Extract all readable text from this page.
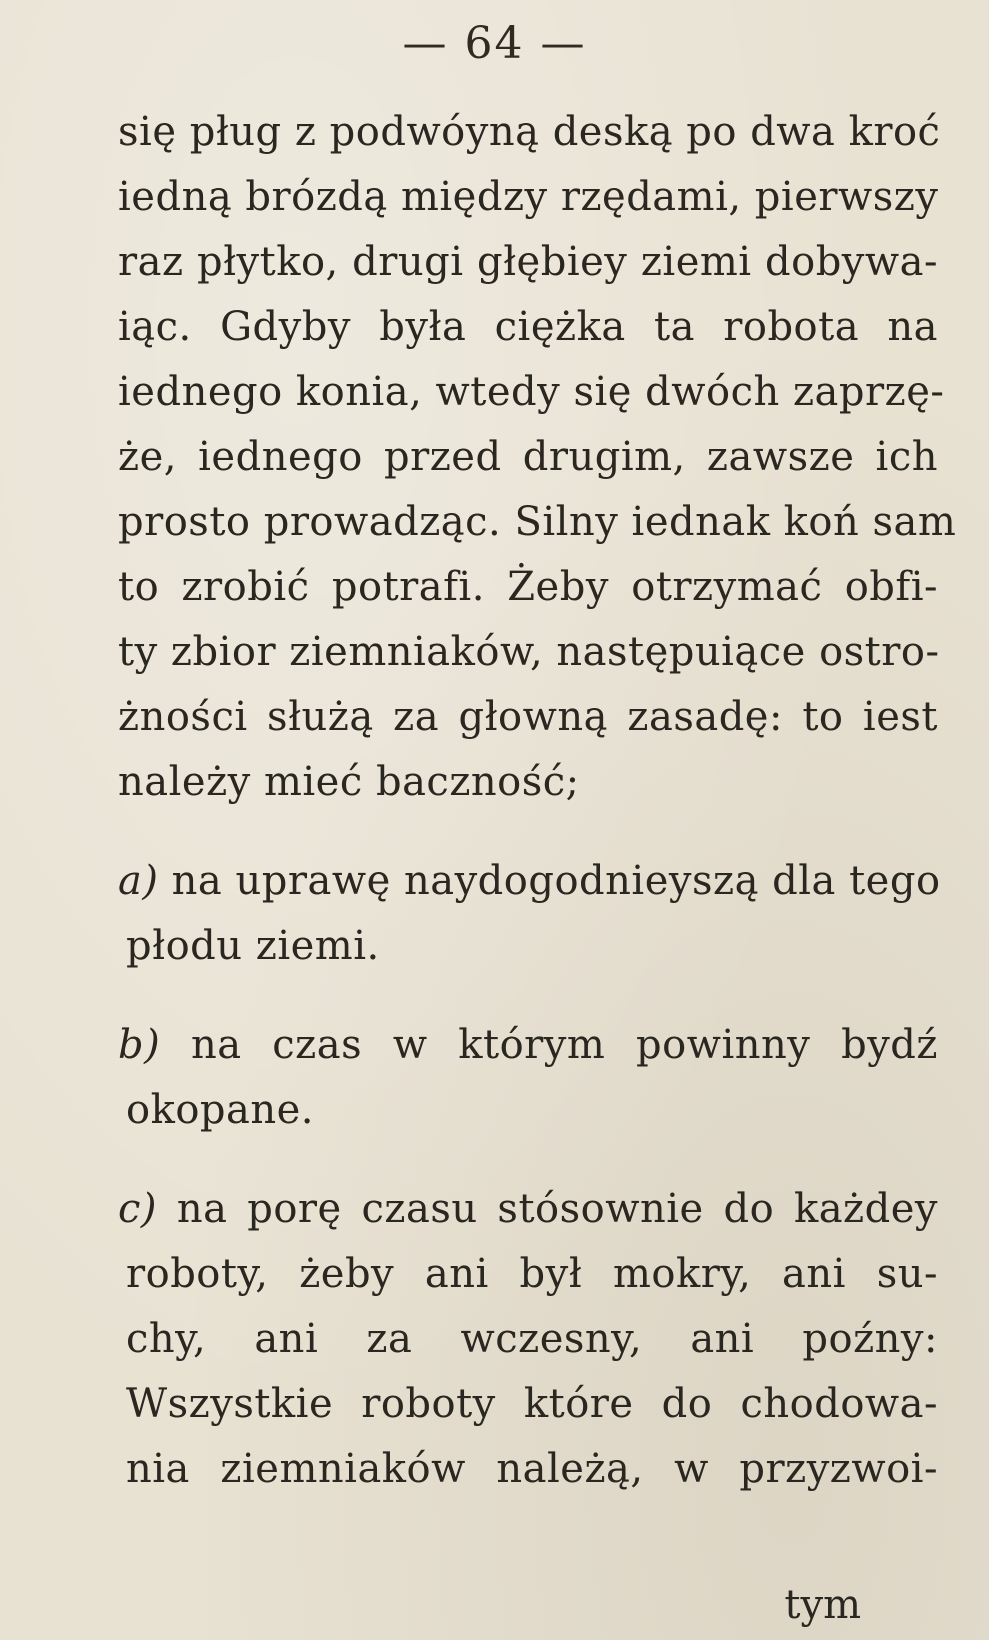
— 64 —
się pług z podwóyną deską po dwa kroć
iedną brózdą między rzędami, pierwszy
raz płytko, drugi głębiey ziemi dobywa-
iąc. Gdyby była ciężka ta robota na
iednego konia, wtedy się dwóch zaprzę-
że, iednego przed drugim, zawsze ich
prosto prowadząc. Silny iednak koń sam
to zrobić potrafi. Żeby otrzymać obfi-
ty zbior ziemniaków, następuiące ostro-
żności służą za głowną zasadę: to iest
należy mieć baczność;
a) na uprawę naydogodnieyszą dla tego
płodu ziemi.
b) na czas w którym powinny bydź
okopane.
c) na porę czasu stósownie do każdey
roboty, żeby ani był mokry, ani su-
chy, ani za wczesny, ani poźny:
Wszystkie roboty które do chodowa-
nia ziemniaków należą, w przyzwoi-
tym
